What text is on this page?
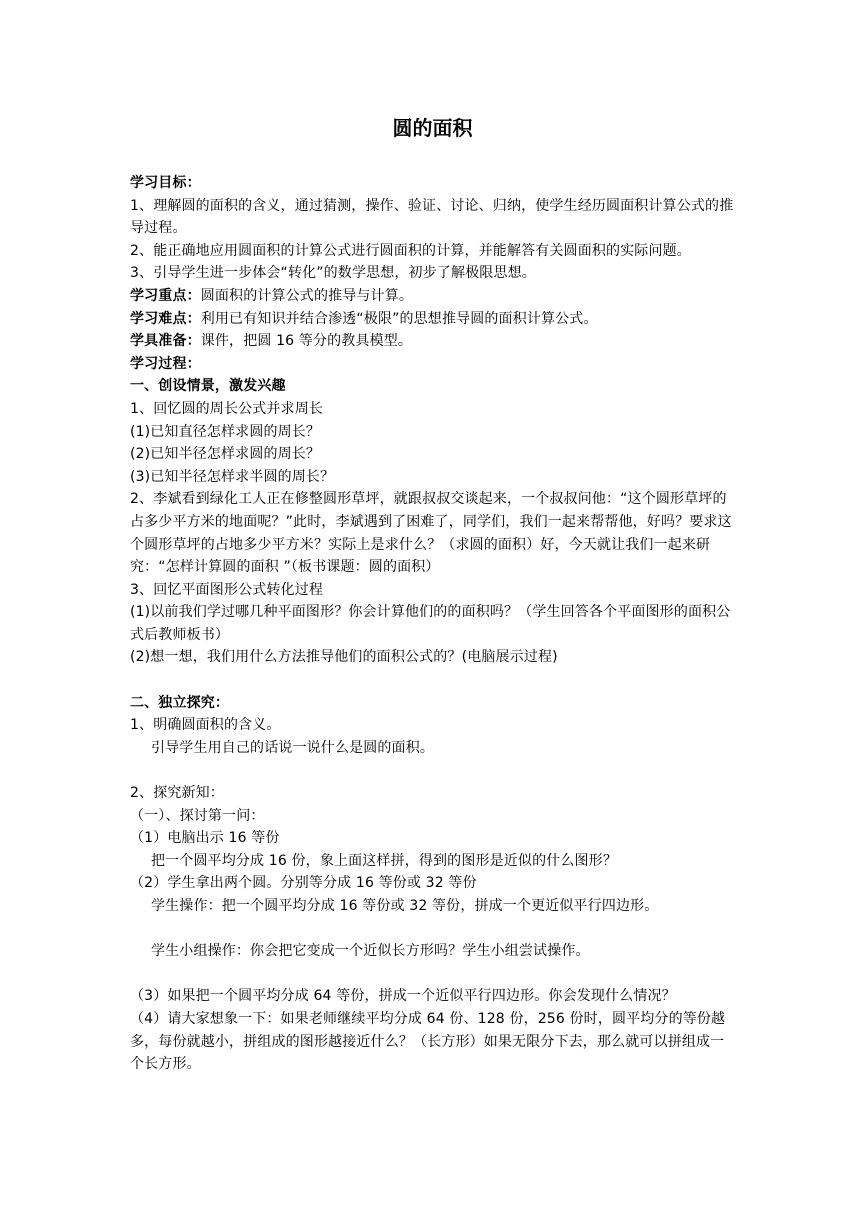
圆的面积

学习目标：

1、理解圆的面积的含义，通过猜测，操作、验证、讨论、归纳，使学生经历圆面积计算公式的推导过程。

2、能正确地应用圆面积的计算公式进行圆面积的计算，并能解答有关圆面积的实际问题。

3、引导学生进一步体会“转化”的数学思想，初步了解极限思想。

学习重点：圆面积的计算公式的推导与计算。

学习难点：利用已有知识并结合渗透“极限”的思想推导圆的面积计算公式。

学具准备：课件，把圆 16 等分的教具模型。

学习过程：

一、创设情景，激发兴趣

1、回忆圆的周长公式并求周长

(1)已知直径怎样求圆的周长？

(2)已知半径怎样求圆的周长？

(3)已知半径怎样求半圆的周长？

2、李斌看到绿化工人正在修整圆形草坪，就跟叔叔交谈起来，一个叔叔问他：“这个圆形草坪的占多少平方米的地面呢？”此时，李斌遇到了困难了，同学们，我们一起来帮帮他，好吗？要求这个圆形草坪的占地多少平方米？实际上是求什么？（求圆的面积）好，今天就让我们一起来研究：“怎样计算圆的面积 ”（板书课题：圆的面积）

3、回忆平面图形公式转化过程

(1)以前我们学过哪几种平面图形？你会计算他们的的面积吗？（学生回答各个平面图形的面积公式后教师板书）

(2)想一想，我们用什么方法推导他们的面积公式的？(电脑展示过程)

二、独立探究：

1、明确圆面积的含义。

引导学生用自己的话说一说什么是圆的面积。

2、探究新知：

（一）、探讨第一问：

（1）电脑出示 16 等份

把一个圆平均分成 16 份，象上面这样拼，得到的图形是近似的什么图形？

（2）学生拿出两个圆。分别等分成 16 等份或 32 等份

学生操作：把一个圆平均分成 16 等份或 32 等份，拼成一个更近似平行四边形。

学生小组操作：你会把它变成一个近似长方形吗？学生小组尝试操作。

（3）如果把一个圆平均分成 64 等份，拼成一个近似平行四边形。你会发现什么情况？

（4）请大家想象一下：如果老师继续平均分成 64 份、128 份，256 份时，圆平均分的等份越多，每份就越小，拼组成的图形越接近什么？（长方形）如果无限分下去，那么就可以拼组成一个长方形。
